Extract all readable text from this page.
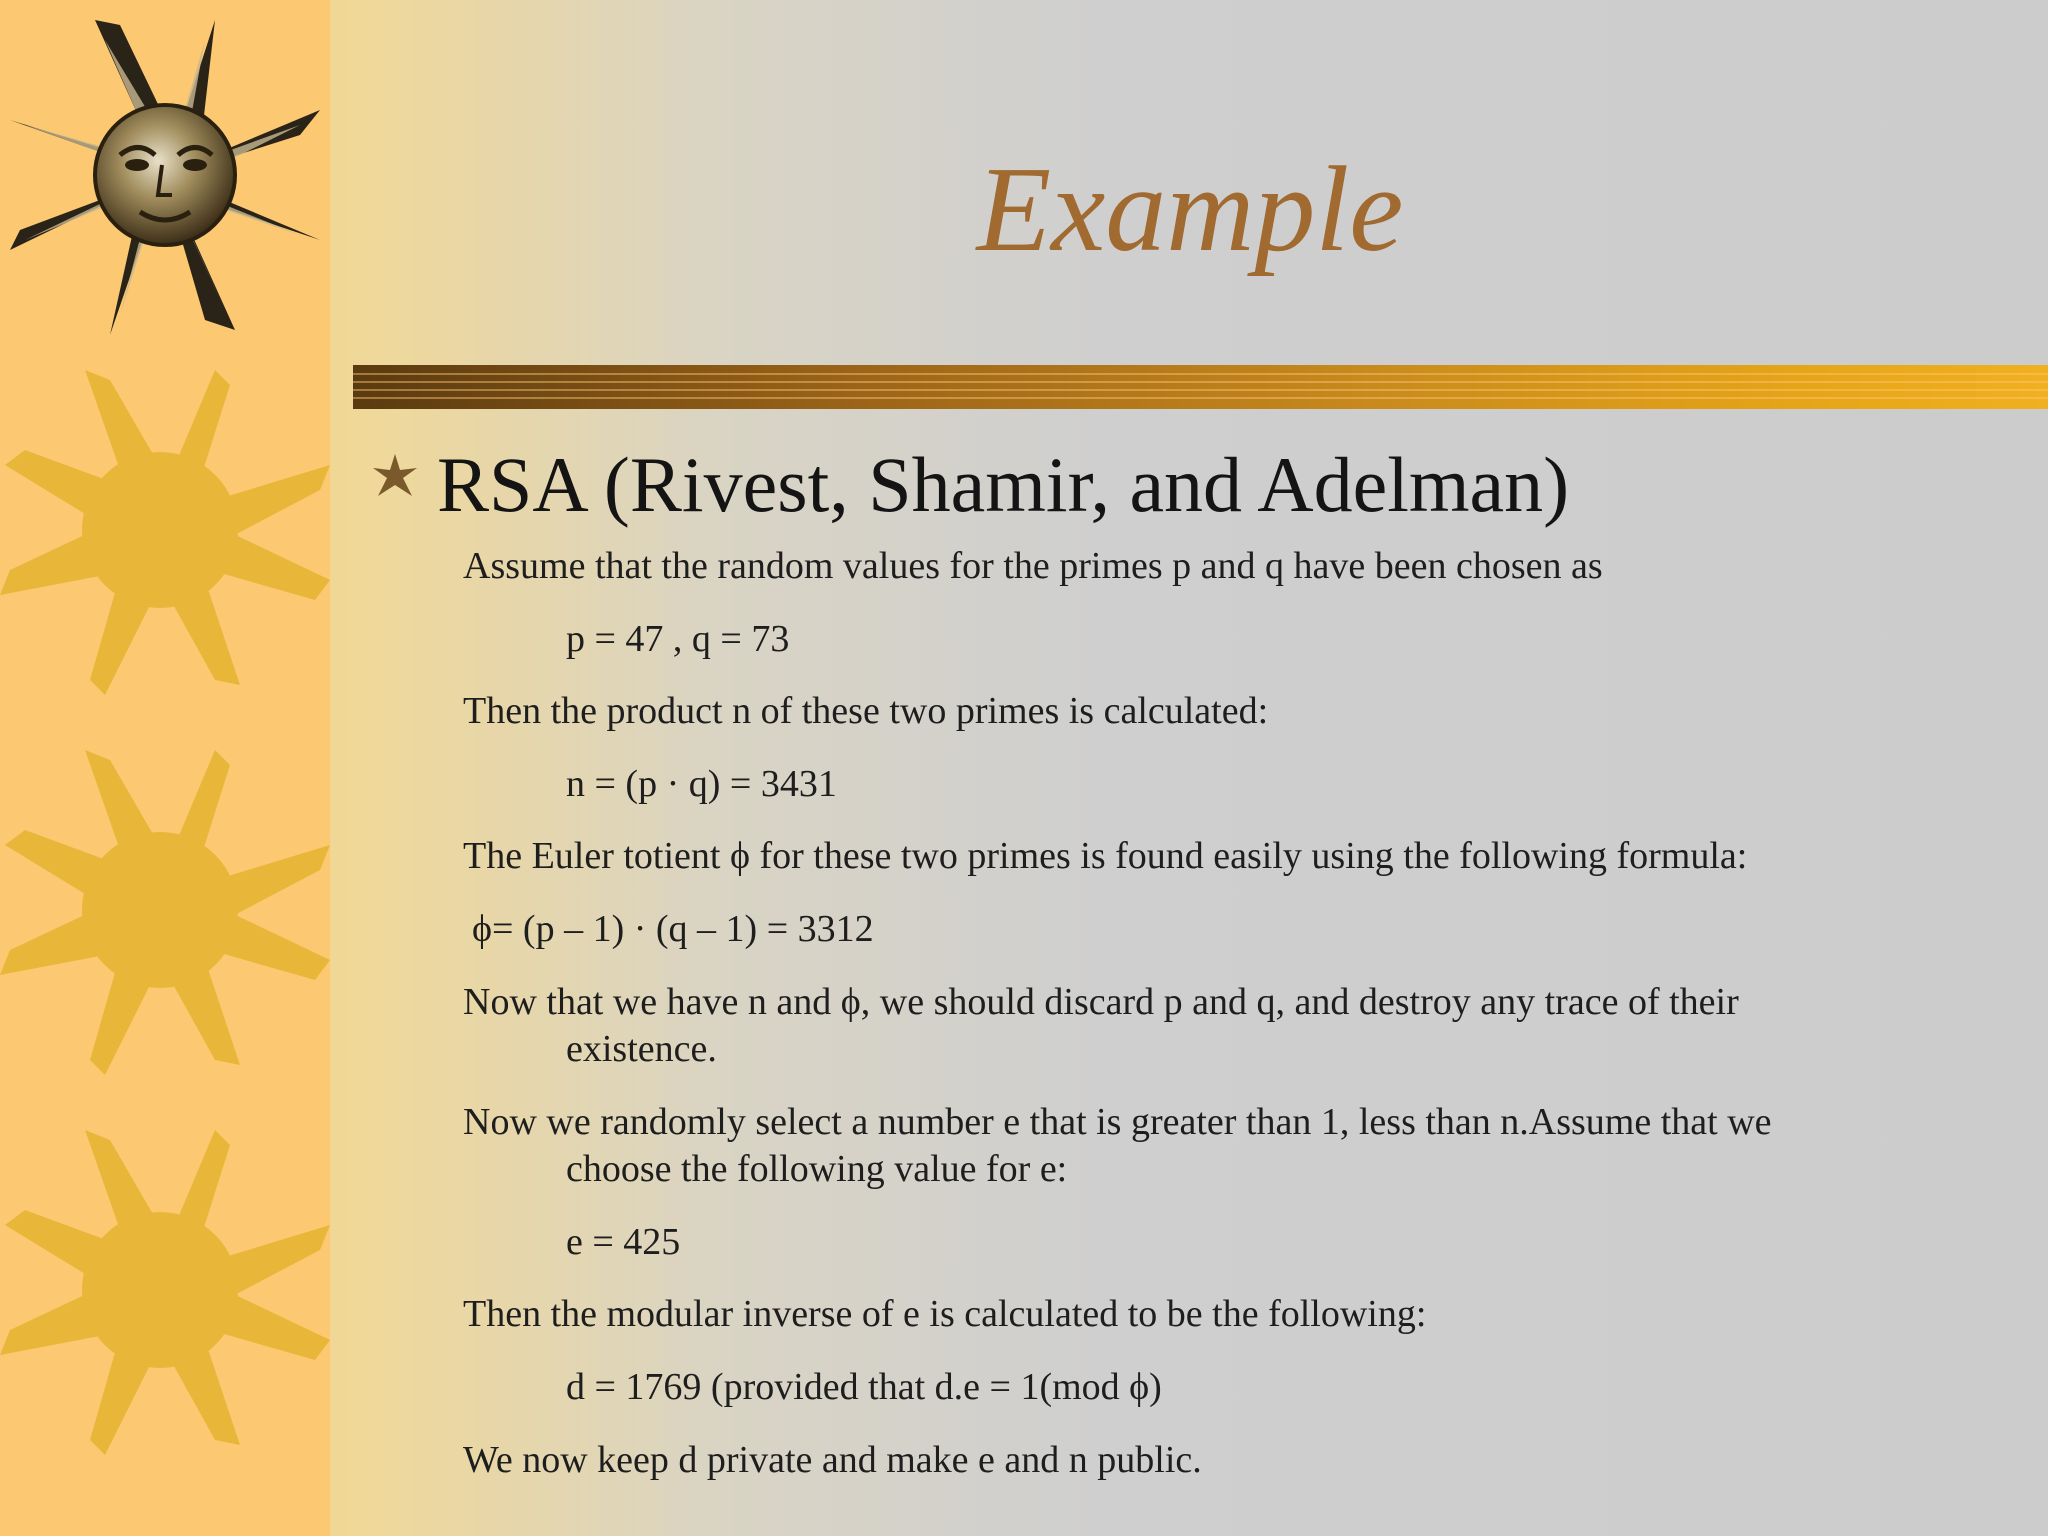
Example
RSA (Rivest, Shamir, and Adelman)
Assume that the random values for the primes p and q have been chosen as
p = 47 , q = 73
Then the product n of these two primes is calculated:
n = (p · q) = 3431
The Euler totient ϕ for these two primes is found easily using the following formula:
ϕ= (p – 1) · (q – 1) = 3312
Now that we have n and ϕ, we should discard p and q, and destroy any trace of their
existence.
Now we randomly select a number e that is greater than 1, less than n.Assume that we
choose the following value for e:
e = 425
Then the modular inverse of e is calculated to be the following:
d = 1769 (provided that d.e = 1(mod ϕ)
We now keep d private and make e and n public.
